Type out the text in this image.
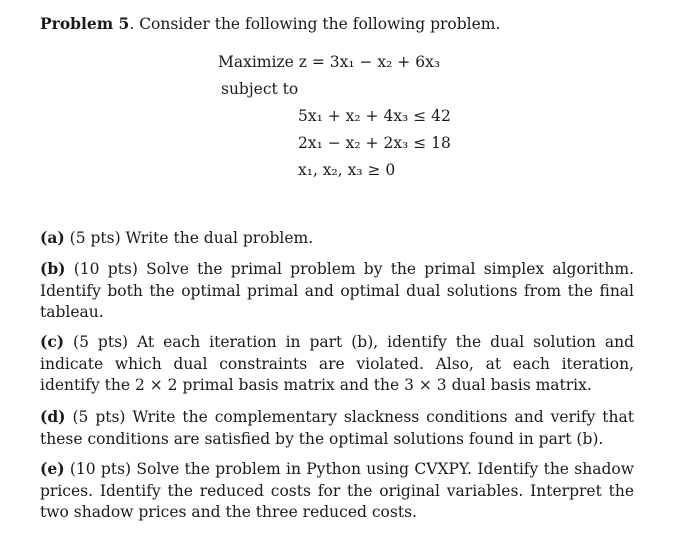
Problem 5. Consider the following the following problem.
Maximize z = 3x₁ − x₂ + 6x₃
subject to
5x₁ + x₂ + 4x₃ ≤ 42
2x₁ − x₂ + 2x₃ ≤ 18
x₁, x₂, x₃ ≥ 0
(a) (5 pts) Write the dual problem.
(b) (10 pts) Solve the primal problem by the primal simplex algorithm. Identify both the optimal primal and optimal dual solutions from the final tableau.
(c) (5 pts) At each iteration in part (b), identify the dual solution and indicate which dual constraints are violated. Also, at each iteration, identify the 2 × 2 primal basis matrix and the 3 × 3 dual basis matrix.
(d) (5 pts) Write the complementary slackness conditions and verify that these conditions are satisfied by the optimal solutions found in part (b).
(e) (10 pts) Solve the problem in Python using CVXPY. Identify the shadow prices. Identify the reduced costs for the original variables. Interpret the two shadow prices and the three reduced costs.
